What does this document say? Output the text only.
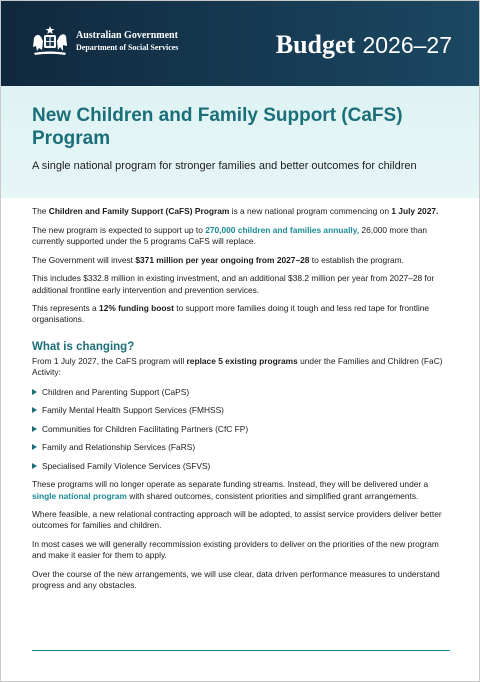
Australian Government
Department of Social Services	Budget 2026–27
New Children and Family Support (CaFS) Program
A single national program for stronger families and better outcomes for children

The Children and Family Support (CaFS) Program is a new national program commencing on 1 July 2027.

The new program is expected to support up to 270,000 children and families annually, 26,000 more than currently supported under the 5 programs CaFS will replace.

The Government will invest $371 million per year ongoing from 2027–28 to establish the program.

This includes $332.8 million in existing investment, and an additional $38.2 million per year from 2027–28 for additional frontline early intervention and prevention services.

This represents a 12% funding boost to support more families doing it tough and less red tape for frontline organisations.

What is changing?

From 1 July 2027, the CaFS program will replace 5 existing programs under the Families and Children (FaC) Activity:

Children and Parenting Support (CaPS)
Family Mental Health Support Services (FMHSS)
Communities for Children Facilitating Partners (CfC FP)
Family and Relationship Services (FaRS)
Specialised Family Violence Services (SFVS)

These programs will no longer operate as separate funding streams. Instead, they will be delivered under a single national program with shared outcomes, consistent priorities and simplified grant arrangements.

Where feasible, a new relational contracting approach will be adopted, to assist service providers deliver better outcomes for families and children.

In most cases we will generally recommission existing providers to deliver on the priorities of the new program and make it easier for them to apply.

Over the course of the new arrangements, we will use clear, data driven performance measures to understand progress and any obstacles.
